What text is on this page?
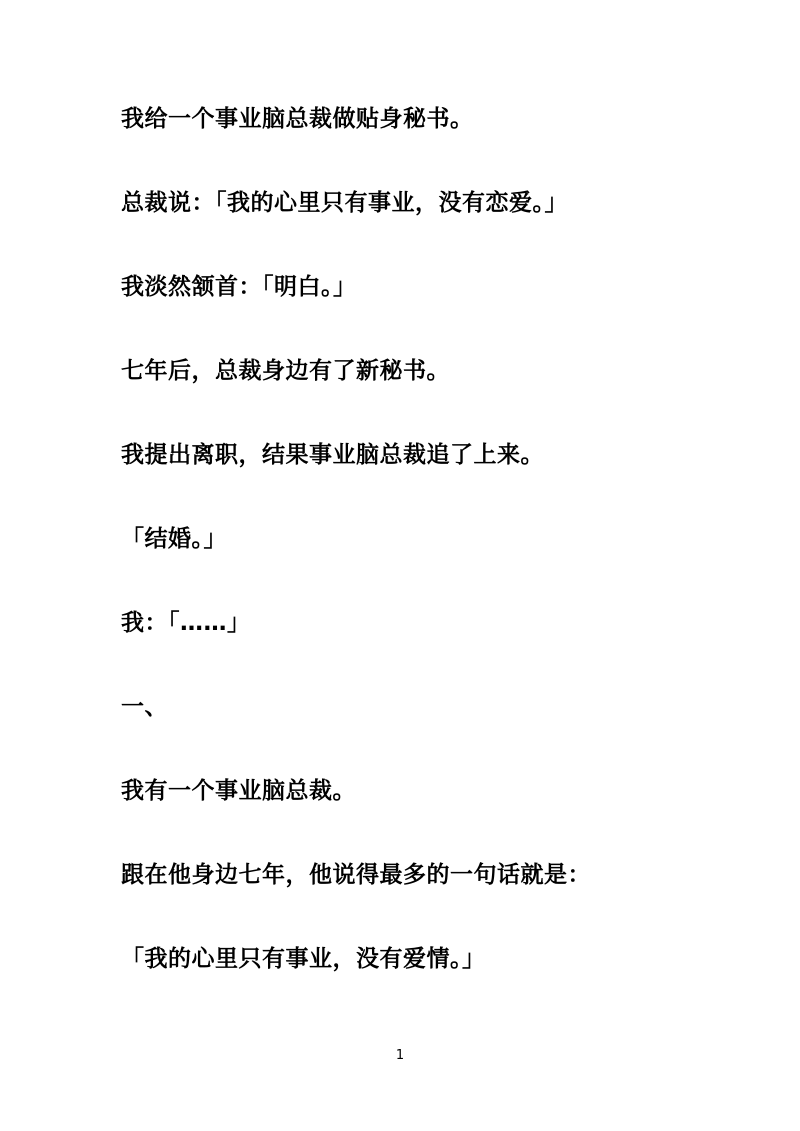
我给一个事业脑总裁做贴身秘书。
总裁说：「我的心里只有事业，没有恋爱。」
我淡然颔首：「明白。」
七年后，总裁身边有了新秘书。
我提出离职，结果事业脑总裁追了上来。
「结婚。」
我：「……」
一、
我有一个事业脑总裁。
跟在他身边七年，他说得最多的一句话就是：
「我的心里只有事业，没有爱情。」
1
